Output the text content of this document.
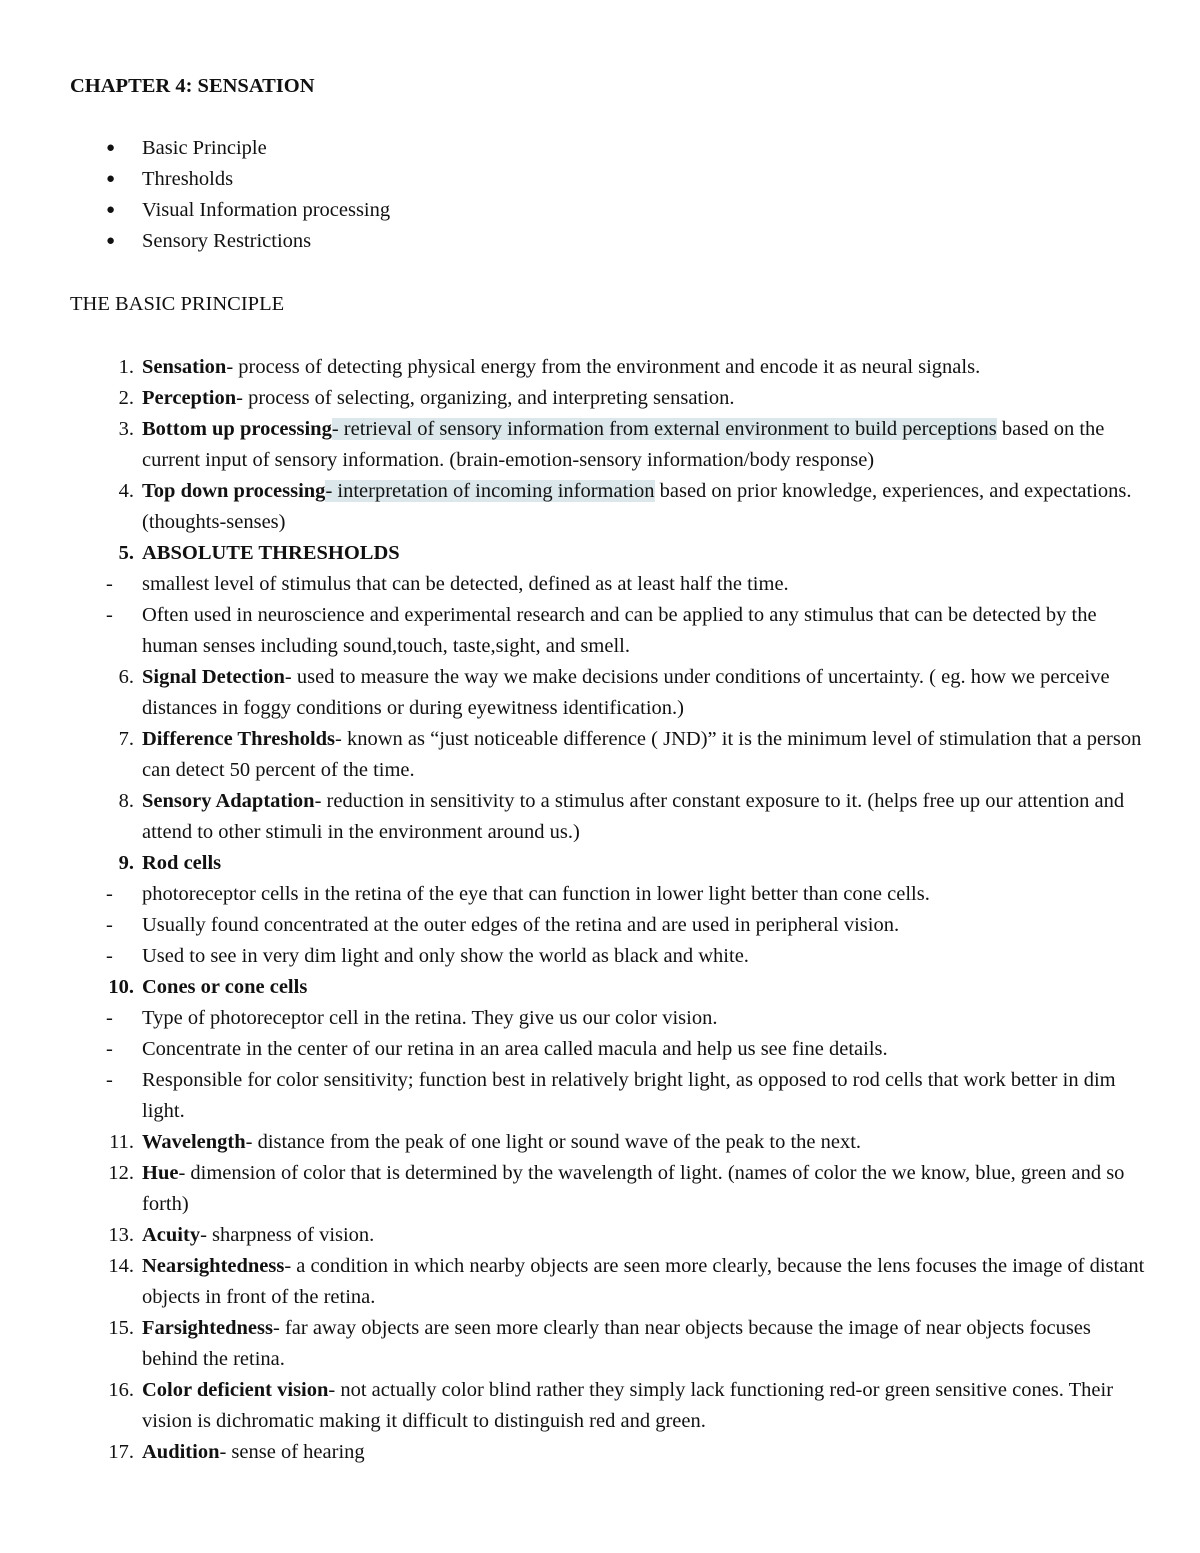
CHAPTER 4: SENSATION
● Basic Principle
● Thresholds
● Visual Information processing
● Sensory Restrictions
THE BASIC PRINCIPLE
1. Sensation- process of detecting physical energy from the environment and encode it as neural signals.
2. Perception- process of selecting, organizing, and interpreting sensation.
3. Bottom up processing- retrieval of sensory information from external environment to build perceptions based on the current input of sensory information. (brain-emotion-sensory information/body response)
4. Top down processing- interpretation of incoming information based on prior knowledge, experiences, and expectations. (thoughts-senses)
5. ABSOLUTE THRESHOLDS
- smallest level of stimulus that can be detected, defined as at least half the time.
- Often used in neuroscience and experimental research and can be applied to any stimulus that can be detected by the human senses including sound,touch, taste,sight, and smell.
6. Signal Detection- used to measure the way we make decisions under conditions of uncertainty. ( eg. how we perceive distances in foggy conditions or during eyewitness identification.)
7. Difference Thresholds- known as “just noticeable difference ( JND)” it is the minimum level of stimulation that a person can detect 50 percent of the time.
8. Sensory Adaptation- reduction in sensitivity to a stimulus after constant exposure to it. (helps free up our attention and attend to other stimuli in the environment around us.)
9. Rod cells
- photoreceptor cells in the retina of the eye that can function in lower light better than cone cells.
- Usually found concentrated at the outer edges of the retina and are used in peripheral vision.
- Used to see in very dim light and only show the world as black and white.
10. Cones or cone cells
- Type of photoreceptor cell in the retina. They give us our color vision.
- Concentrate in the center of our retina in an area called macula and help us see fine details.
- Responsible for color sensitivity; function best in relatively bright light, as opposed to rod cells that work better in dim light.
11. Wavelength- distance from the peak of one light or sound wave of the peak to the next.
12. Hue- dimension of color that is determined by the wavelength of light. (names of color the we know, blue, green and so forth)
13. Acuity- sharpness of vision.
14. Nearsightedness- a condition in which nearby objects are seen more clearly, because the lens focuses the image of distant objects in front of the retina.
15. Farsightedness- far away objects are seen more clearly than near objects because the image of near objects focuses behind the retina.
16. Color deficient vision- not actually color blind rather they simply lack functioning red-or green sensitive cones. Their vision is dichromatic making it difficult to distinguish red and green.
17. Audition- sense of hearing
